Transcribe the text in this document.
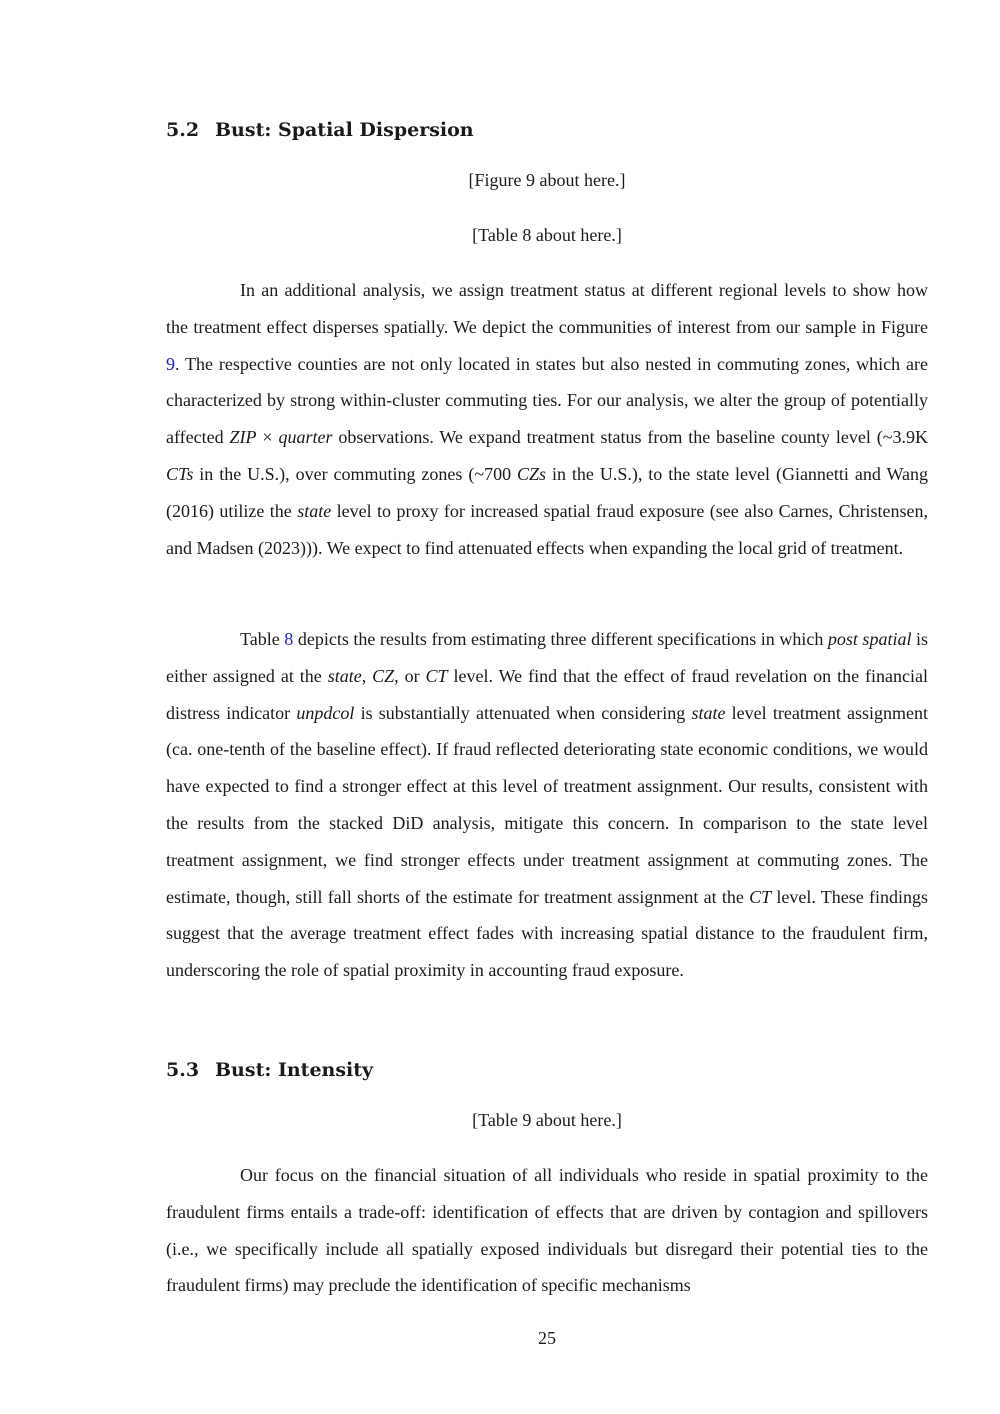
5.2 Bust: Spatial Dispersion

[Figure 9 about here.]

[Table 8 about here.]

In an additional analysis, we assign treatment status at different regional levels to show how the treatment effect disperses spatially. We depict the communities of interest from our sample in Figure 9. The respective counties are not only located in states but also nested in commuting zones, which are characterized by strong within-cluster commuting ties. For our analysis, we alter the group of potentially affected ZIP × quarter observations. We expand treatment status from the baseline county level (~3.9K CTs in the U.S.), over commuting zones (~700 CZs in the U.S.), to the state level (Giannetti and Wang (2016) utilize the state level to proxy for increased spatial fraud exposure (see also Carnes, Christensen, and Madsen (2023))). We expect to find attenuated effects when expanding the local grid of treatment.

Table 8 depicts the results from estimating three different specifications in which post spatial is either assigned at the state, CZ, or CT level. We find that the effect of fraud revelation on the financial distress indicator unpdcol is substantially attenuated when considering state level treatment assignment (ca. one-tenth of the baseline effect). If fraud reflected deteriorating state economic conditions, we would have expected to find a stronger effect at this level of treatment assignment. Our results, consistent with the results from the stacked DiD analysis, mitigate this concern. In comparison to the state level treatment assignment, we find stronger effects under treatment assignment at commuting zones. The estimate, though, still fall shorts of the estimate for treatment assignment at the CT level. These findings suggest that the average treatment effect fades with increasing spatial distance to the fraudulent firm, underscoring the role of spatial proximity in accounting fraud exposure.

5.3 Bust: Intensity

[Table 9 about here.]

Our focus on the financial situation of all individuals who reside in spatial proximity to the fraudulent firms entails a trade-off: identification of effects that are driven by contagion and spillovers (i.e., we specifically include all spatially exposed individuals but disregard their potential ties to the fraudulent firms) may preclude the identification of specific mechanisms

25
